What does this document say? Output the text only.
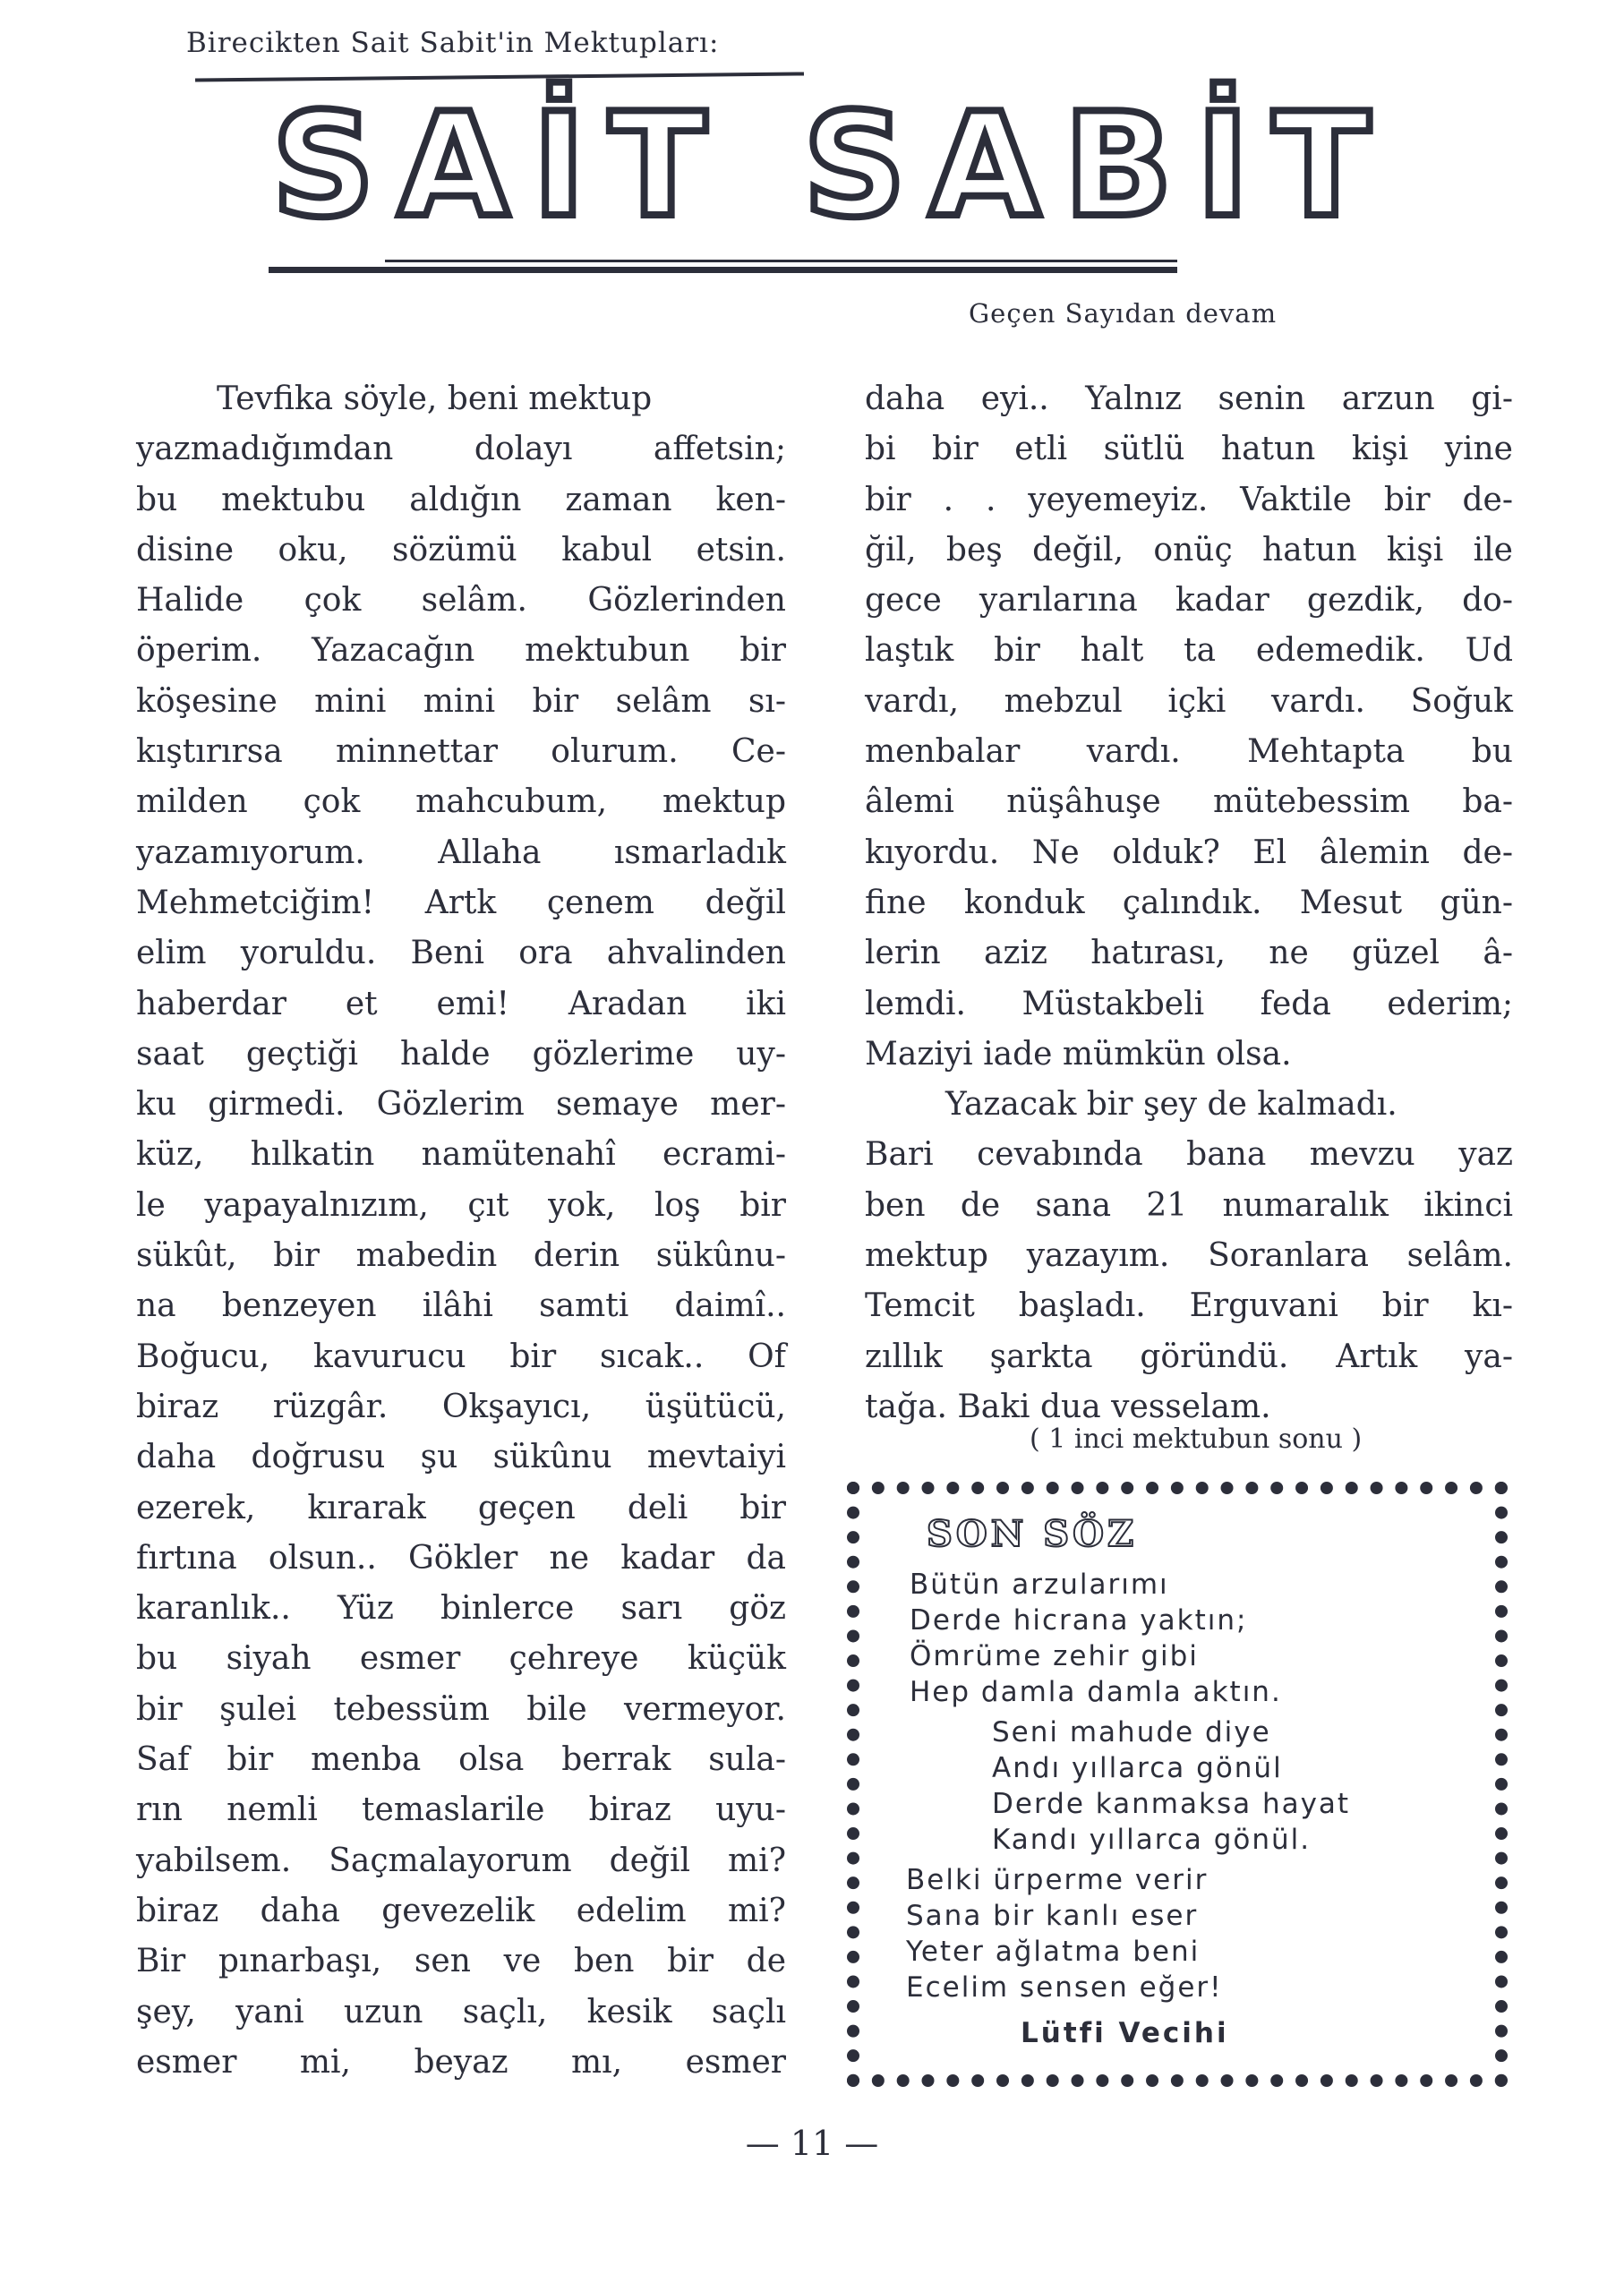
Birecikten Sait Sabit'in Mektupları:
SAİT SABİT
Geçen Sayıdan devam
Tevfika söyle, beni mektup
yazmadığımdan dolayı affetsin;
bu mektubu aldığın zaman ken-
disine oku, sözümü kabul etsin.
Halide çok selâm. Gözlerinden
öperim. Yazacağın mektubun bir
köşesine mini mini bir selâm sı-
kıştırırsa minnettar olurum. Ce-
milden çok mahcubum, mektup
yazamıyorum. Allaha ısmarladık
Mehmetciğim! Artk çenem değil
elim yoruldu. Beni ora ahvalinden
haberdar et emi! Aradan iki
saat geçtiği halde gözlerime uy-
ku girmedi. Gözlerim semaye mer-
küz, hılkatin namütenahî ecrami-
le yapayalnızım, çıt yok, loş bir
sükût, bir mabedin derin sükûnu-
na benzeyen ilâhi samti daimî..
Boğucu, kavurucu bir sıcak.. Of
biraz rüzgâr. Okşayıcı, üşütücü,
daha doğrusu şu sükûnu mevtaiyi
ezerek, kırarak geçen deli bir
fırtına olsun.. Gökler ne kadar da
karanlık.. Yüz binlerce sarı göz
bu siyah esmer çehreye küçük
bir şulei tebessüm bile vermeyor.
Saf bir menba olsa berrak sula-
rın nemli temaslarile biraz uyu-
yabilsem. Saçmalayorum değil mi?
biraz daha gevezelik edelim mi?
Bir pınarbaşı, sen ve ben bir de
şey, yani uzun saçlı, kesik saçlı
esmer mi, beyaz mı, esmer
daha eyi.. Yalnız senin arzun gi-
bi bir etli sütlü hatun kişi yine
bir . . yeyemeyiz. Vaktile bir de-
ğil, beş değil, onüç hatun kişi ile
gece yarılarına kadar gezdik, do-
laştık bir halt ta edemedik. Ud
vardı, mebzul içki vardı. Soğuk
menbalar vardı. Mehtapta bu
âlemi nüşâhuşe mütebessim ba-
kıyordu. Ne olduk? El âlemin de-
fine konduk çalındık. Mesut gün-
lerin aziz hatırası, ne güzel â-
lemdi. Müstakbeli feda ederim;
Maziyi iade mümkün olsa.
Yazacak bir şey de kalmadı.
Bari cevabında bana mevzu yaz
ben de sana 21 numaralık ikinci
mektup yazayım. Soranlara selâm.
Temcit başladı. Erguvani bir kı-
zıllık şarkta göründü. Artık ya-
tağa. Baki dua vesselam.
( 1 inci mektubun sonu )
SON SÖZ
Bütün arzularımı
Derde hicrana yaktın;
Ömrüme zehir gibi
Hep damla damla aktın.
Seni mahude diye
Andı yıllarca gönül
Derde kanmaksa hayat
Kandı yıllarca gönül.
Belki ürperme verir
Sana bir kanlı eser
Yeter ağlatma beni
Ecelim sensen eğer!
Lütfi Vecihi
— 11 —
